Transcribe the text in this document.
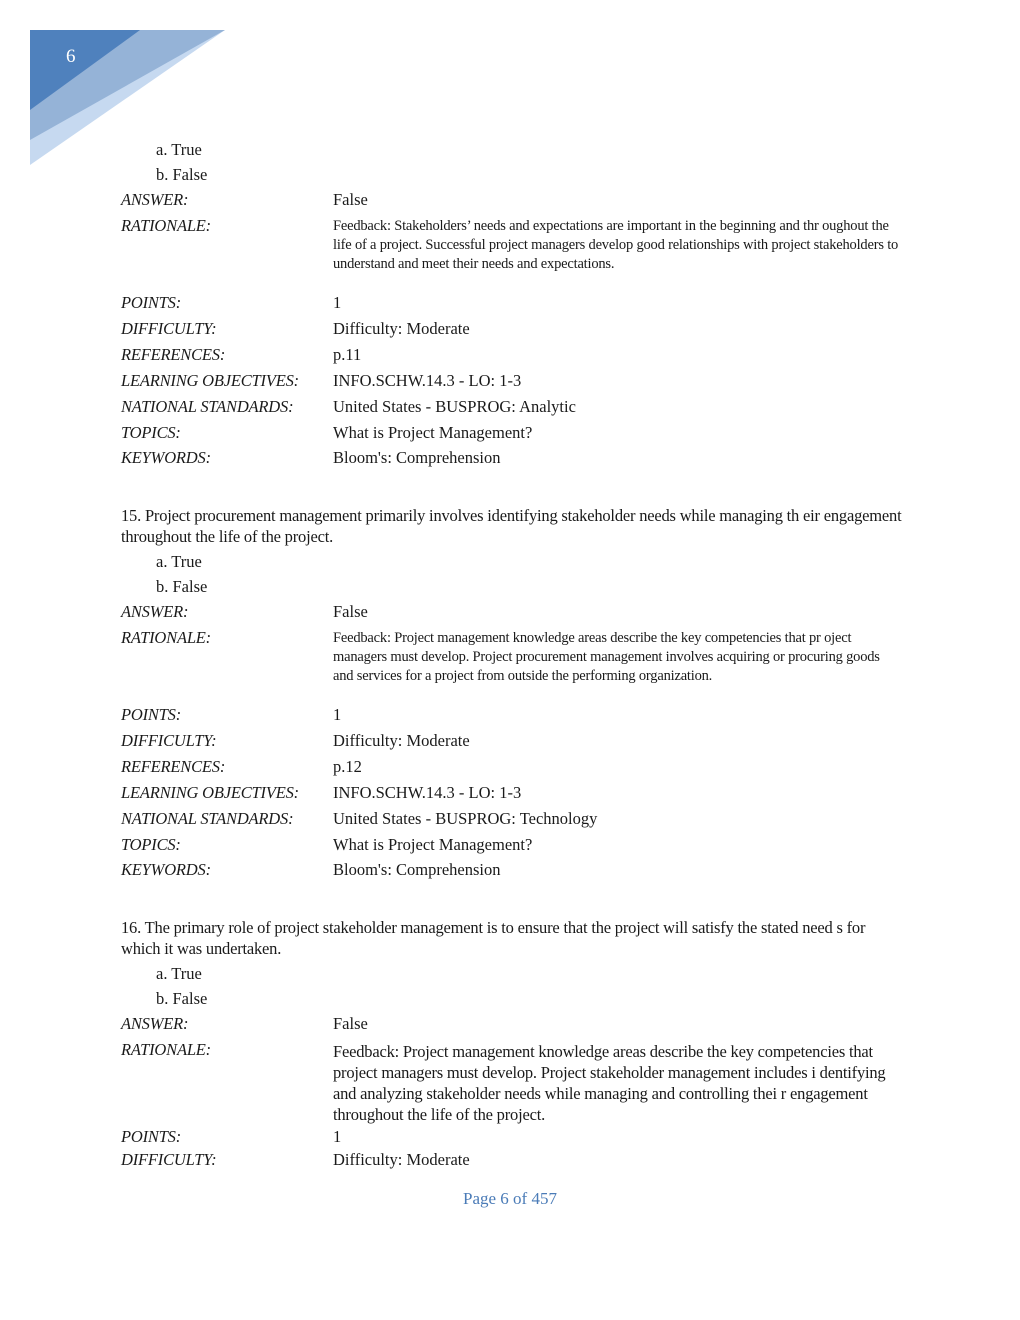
6
a. True
b. False
ANSWER:	False
RATIONALE:	Feedback: Stakeholders’ needs and expectations are important in the beginning and thr oughout the life of a project. Successful project managers develop good relationships with project stakeholders to understand and meet their needs and expectations.
POINTS:	1
DIFFICULTY:	Difficulty: Moderate
REFERENCES:	p.11
LEARNING OBJECTIVES:	INFO.SCHW.14.3 - LO: 1-3
NATIONAL STANDARDS:	United States - BUSPROG: Analytic
TOPICS:	What is Project Management?
KEYWORDS:	Bloom's: Comprehension
15. Project procurement management primarily involves identifying stakeholder needs while managing th eir engagement throughout the life of the project.
a. True
b. False
ANSWER:	False
RATIONALE:	Feedback: Project management knowledge areas describe the key competencies that pr oject managers must develop. Project procurement management involves acquiring or procuring goods and services for a project from outside the performing organization.
POINTS:	1
DIFFICULTY:	Difficulty: Moderate
REFERENCES:	p.12
LEARNING OBJECTIVES:	INFO.SCHW.14.3 - LO: 1-3
NATIONAL STANDARDS:	United States - BUSPROG: Technology
TOPICS:	What is Project Management?
KEYWORDS:	Bloom's: Comprehension
16. The primary role of project stakeholder management is to ensure that the project will satisfy the stated need s for which it was undertaken.
a. True
b. False
ANSWER:	False
RATIONALE:	Feedback: Project management knowledge areas describe the key competencies that project managers must develop. Project stakeholder management includes i dentifying and analyzing stakeholder needs while managing and controlling thei r engagement throughout the life of the project.
POINTS:	1
DIFFICULTY:	Difficulty: Moderate
Page 6 of 457
